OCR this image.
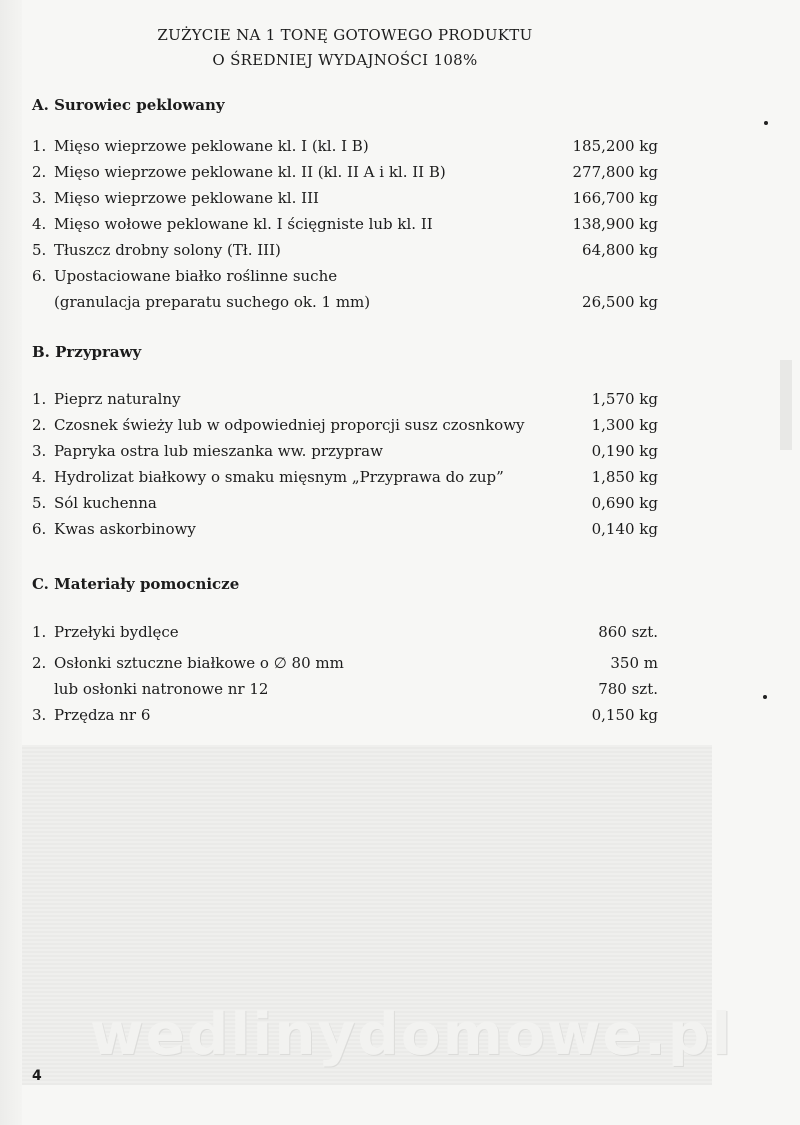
ZUŻYCIE NA 1 TONĘ GOTOWEGO PRODUKTU
O ŚREDNIEJ WYDAJNOŚCI 108%
A. Surowiec peklowany
1. Mięso wieprzowe peklowane kl. I (kl. I B)	185,200 kg
2. Mięso wieprzowe peklowane kl. II (kl. II A i kl. II B)	277,800 kg
3. Mięso wieprzowe peklowane kl. III	166,700 kg
4. Mięso wołowe peklowane kl. I ścięgniste lub kl. II	138,900 kg
5. Tłuszcz drobny solony (Tł. III)	64,800 kg
6. Upostaciowane białko roślinne suche
(granulacja preparatu suchego ok. 1 mm)	26,500 kg
B. Przyprawy
1. Pieprz naturalny	1,570 kg
2. Czosnek świeży lub w odpowiedniej proporcji susz czosnkowy	1,300 kg
3. Papryka ostra lub mieszanka ww. przypraw	0,190 kg
4. Hydrolizat białkowy o smaku mięsnym „Przyprawa do zup”	1,850 kg
5. Sól kuchenna	0,690 kg
6. Kwas askorbinowy	0,140 kg
C. Materiały pomocnicze
1. Przełyki bydlęce	860 szt.
2. Osłonki sztuczne białkowe o ∅ 80 mm	350 m
lub osłonki natronowe nr 12	780 szt.
3. Przędza nr 6	0,150 kg
wedlinydomowe.pl
4
